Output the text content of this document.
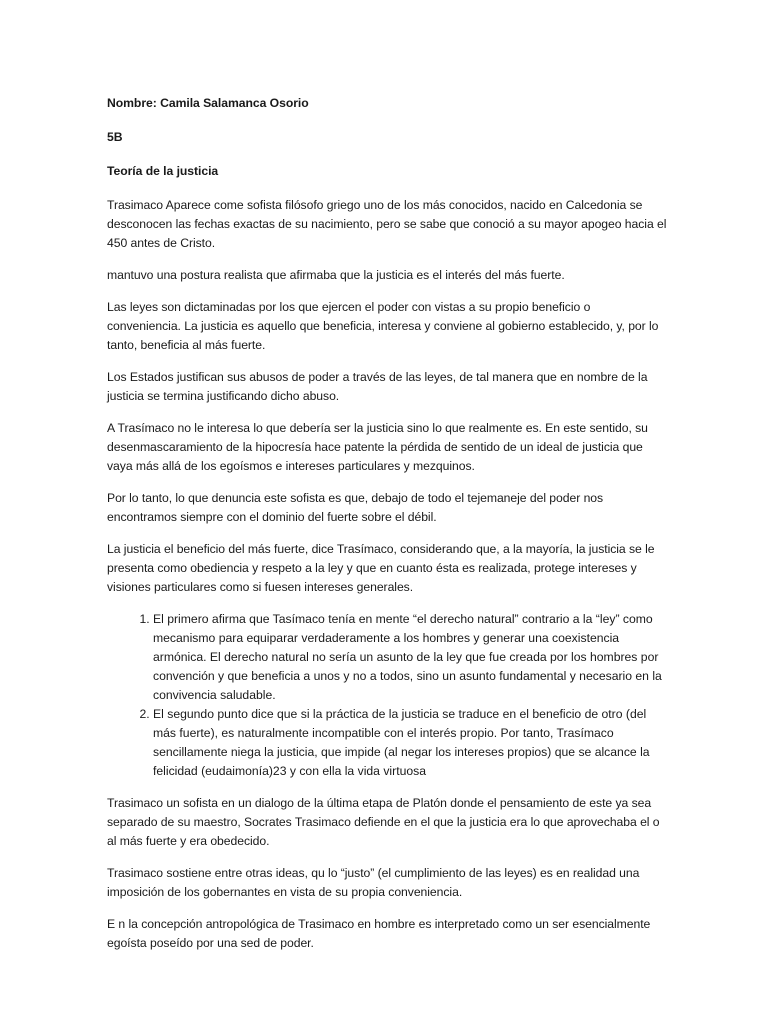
Nombre: Camila Salamanca Osorio

5B

Teoría de la justicia

Trasimaco Aparece come sofista filósofo griego uno de los más conocidos, nacido en Calcedonia se desconocen las fechas exactas de su nacimiento, pero se sabe que conoció a su mayor apogeo hacia el 450 antes de Cristo.

mantuvo una postura realista que afirmaba que la justicia es el interés del más fuerte.

Las leyes son dictaminadas por los que ejercen el poder con vistas a su propio beneficio o conveniencia. La justicia es aquello que beneficia, interesa y conviene al gobierno establecido, y, por lo tanto, beneficia al más fuerte.

Los Estados justifican sus abusos de poder a través de las leyes, de tal manera que en nombre de la justicia se termina justificando dicho abuso.

A Trasímaco no le interesa lo que debería ser la justicia sino lo que realmente es. En este sentido, su desenmascaramiento de la hipocresía hace patente la pérdida de sentido de un ideal de justicia que vaya más allá de los egoísmos e intereses particulares y mezquinos.

Por lo tanto, lo que denuncia este sofista es que, debajo de todo el tejemaneje del poder nos encontramos siempre con el dominio del fuerte sobre el débil.

La justicia el beneficio del más fuerte, dice Trasímaco, considerando que, a la mayoría, la justicia se le presenta como obediencia y respeto a la ley y que en cuanto ésta es realizada, protege intereses y visiones particulares como si fuesen intereses generales.

1. El primero afirma que Tasímaco tenía en mente “el derecho natural” contrario a la “ley” como mecanismo para equiparar verdaderamente a los hombres y generar una coexistencia armónica. El derecho natural no sería un asunto de la ley que fue creada por los hombres por convención y que beneficia a unos y no a todos, sino un asunto fundamental y necesario en la convivencia saludable.
2. El segundo punto dice que si la práctica de la justicia se traduce en el beneficio de otro (del más fuerte), es naturalmente incompatible con el interés propio. Por tanto, Trasímaco sencillamente niega la justicia, que impide (al negar los intereses propios) que se alcance la felicidad (eudaimonía)23 y con ella la vida virtuosa

Trasimaco un sofista en un dialogo de la última etapa de Platón donde el pensamiento de este ya sea separado de su maestro, Socrates Trasimaco defiende en el que la justicia era lo que aprovechaba el o al más fuerte y era obedecido.

Trasimaco sostiene entre otras ideas, qu lo “justo” (el cumplimiento de las leyes) es en realidad una imposición de los gobernantes en vista de su propia conveniencia.

E n la concepción antropológica de Trasimaco en hombre es interpretado como un ser esencialmente egoísta poseído por una sed de poder.
